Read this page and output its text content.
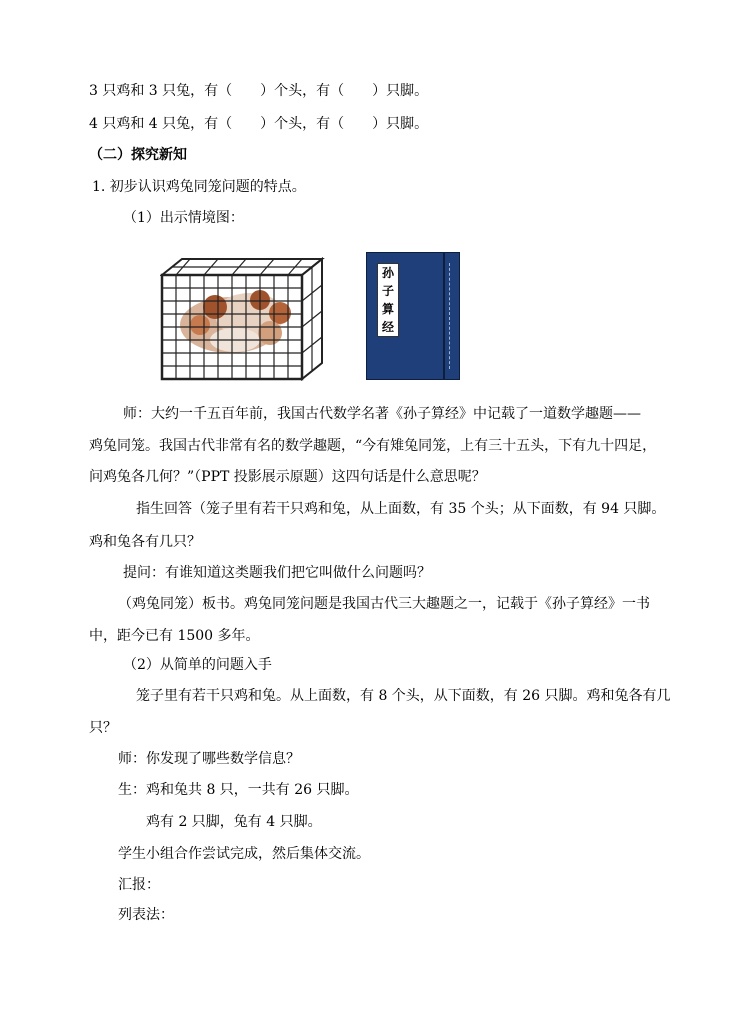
3 只鸡和 3 只兔，有（　　）个头，有（　　）只脚。
4 只鸡和 4 只兔，有（　　）个头，有（　　）只脚。
（二）探究新知
1. 初步认识鸡兔同笼问题的特点。
（1）出示情境图：
孙
子
算
经
师：大约一千五百年前，我国古代数学名著《孙子算经》中记载了一道数学趣题——
鸡兔同笼。我国古代非常有名的数学趣题，“今有雉兔同笼，上有三十五头，下有九十四足，
问鸡兔各几何？”（PPT 投影展示原题）这四句话是什么意思呢？
指生回答（笼子里有若干只鸡和兔，从上面数，有 35 个头；从下面数，有 94 只脚。
鸡和兔各有几只？
提问：有谁知道这类题我们把它叫做什么问题吗？
（鸡兔同笼）板书。鸡兔同笼问题是我国古代三大趣题之一，记载于《孙子算经》一书
中，距今已有 1500 多年。
（2）从简单的问题入手
笼子里有若干只鸡和兔。从上面数，有 8 个头，从下面数，有 26 只脚。鸡和兔各有几
只？
师：你发现了哪些数学信息？
生：鸡和兔共 8 只，一共有 26 只脚。
鸡有 2 只脚，兔有 4 只脚。
学生小组合作尝试完成，然后集体交流。
汇报：
列表法：
